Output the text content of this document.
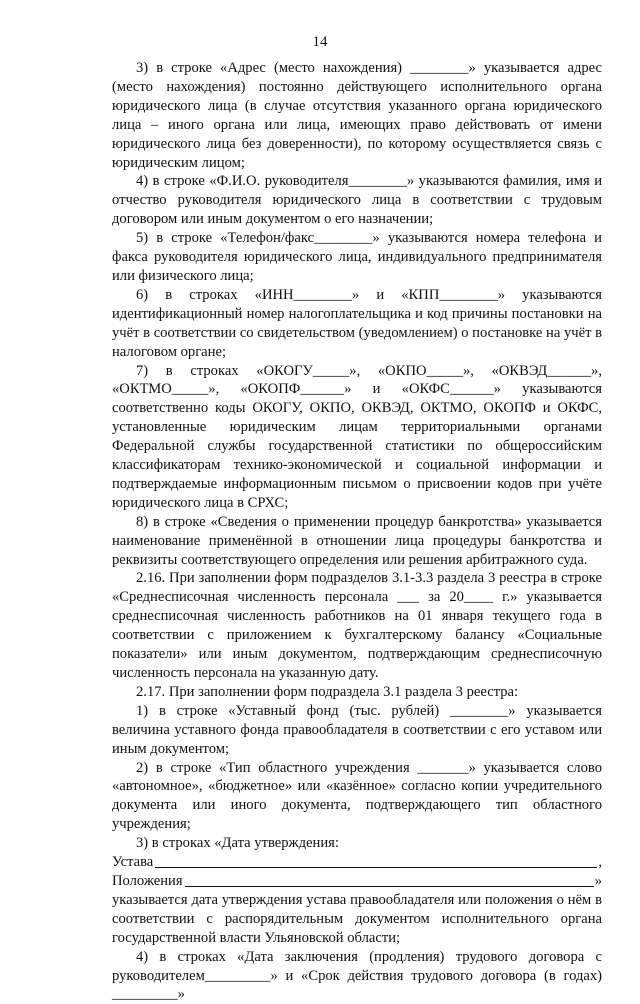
14

3) в строке «Адрес (место нахождения) ________» указывается адрес (место нахождения) постоянно действующего исполнительного органа юридического лица (в случае отсутствия указанного органа юридического лица – иного органа или лица, имеющих право действовать от имени юридического лица без доверенности), по которому осуществляется связь с юридическим лицом;

4) в строке «Ф.И.О. руководителя________» указываются фамилия, имя и отчество руководителя юридического лица в соответствии с трудовым договором или иным документом о его назначении;

5) в строке «Телефон/факс________» указываются номера телефона и факса руководителя юридического лица, индивидуального предпринимателя или физического лица;

6) в строках «ИНН________» и «КПП________» указываются идентификационный номер налогоплательщика и код причины постановки на учёт в соответствии со свидетельством (уведомлением) о постановке на учёт в налоговом органе;

7) в строках «ОКОГУ_____», «ОКПО_____», «ОКВЭД______», «ОКТМО_____», «ОКОПФ______» и «ОКФС______» указываются соответственно коды ОКОГУ, ОКПО, ОКВЭД, ОКТМО, ОКОПФ и ОКФС, установленные юридическим лицам территориальными органами Федеральной службы государственной статистики по общероссийским классификаторам технико-экономической и социальной информации и подтверждаемые информационным письмом о присвоении кодов при учёте юридического лица в СРХС;

8) в строке «Сведения о применении процедур банкротства» указывается наименование применённой в отношении лица процедуры банкротства и реквизиты соответствующего определения или решения арбитражного суда.

2.16. При заполнении форм подразделов 3.1-3.3 раздела 3 реестра в строке «Среднесписочная численность персонала ___ за 20____ г.» указывается среднесписочная численность работников на 01 января текущего года в соответствии с приложением к бухгалтерскому балансу «Социальные показатели» или иным документом, подтверждающим среднесписочную численность персонала на указанную дату.

2.17. При заполнении форм подраздела 3.1 раздела 3 реестра:

1) в строке «Уставный фонд (тыс. рублей) ________» указывается величина уставного фонда правообладателя в соответствии с его уставом или иным документом;

2) в строке «Тип областного учреждения _______» указывается слово «автономное», «бюджетное» или «казённое» согласно копии учредительного документа или иного документа, подтверждающего тип областного учреждения;

3) в строках «Дата утверждения:

Устава	,

Положения	»

указывается дата утверждения устава правообладателя или положения о нём в соответствии с распорядительным документом исполнительного органа государственной власти Ульяновской области;

4) в строках «Дата заключения (продления) трудового договора с руководителем_________» и «Срок действия трудового договора (в годах) _________»
